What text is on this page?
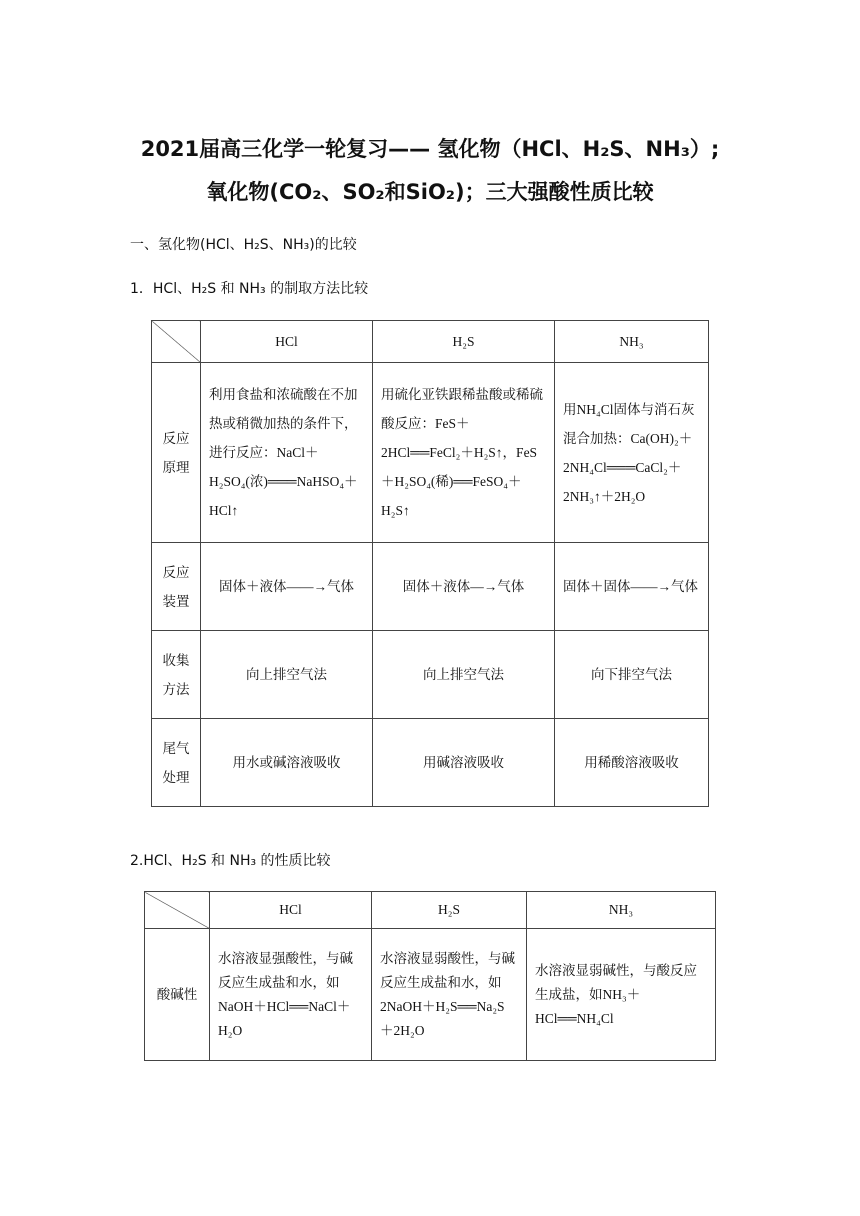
2021届高三化学一轮复习—— 氢化物（HCl、H₂S、NH₃）;
氧化物(CO₂、SO₂和SiO₂)；三大强酸性质比较

一、氢化物(HCl、H₂S、NH₃)的比较

1．HCl、H₂S 和 NH₃ 的制取方法比较

	HCl	H₂S	NH₃
反应原理	利用食盐和浓硫酸在不加热或稍微加热的条件下，进行反应：NaCl＋H₂SO₄(浓)═══NaHSO₄＋HCl↑	用硫化亚铁跟稀盐酸或稀硫酸反应：FeS＋2HCl══FeCl₂＋H₂S↑，FeS＋H₂SO₄(稀)══FeSO₄＋H₂S↑	用NH₄Cl固体与消石灰混合加热：Ca(OH)₂＋2NH₄Cl═══CaCl₂＋2NH₃↑＋2H₂O
反应装置	固体＋液体——→气体	固体＋液体—→气体	固体＋固体——→气体
收集方法	向上排空气法	向上排空气法	向下排空气法
尾气处理	用水或碱溶液吸收	用碱溶液吸收	用稀酸溶液吸收

2.HCl、H₂S 和 NH₃ 的性质比较

	HCl	H₂S	NH₃
酸碱性	水溶液显强酸性，与碱反应生成盐和水，如NaOH＋HCl══NaCl＋H₂O	水溶液显弱酸性，与碱反应生成盐和水，如2NaOH＋H₂S══Na₂S＋2H₂O	水溶液显弱碱性，与酸反应生成盐，如NH₃＋HCl══NH₄Cl
